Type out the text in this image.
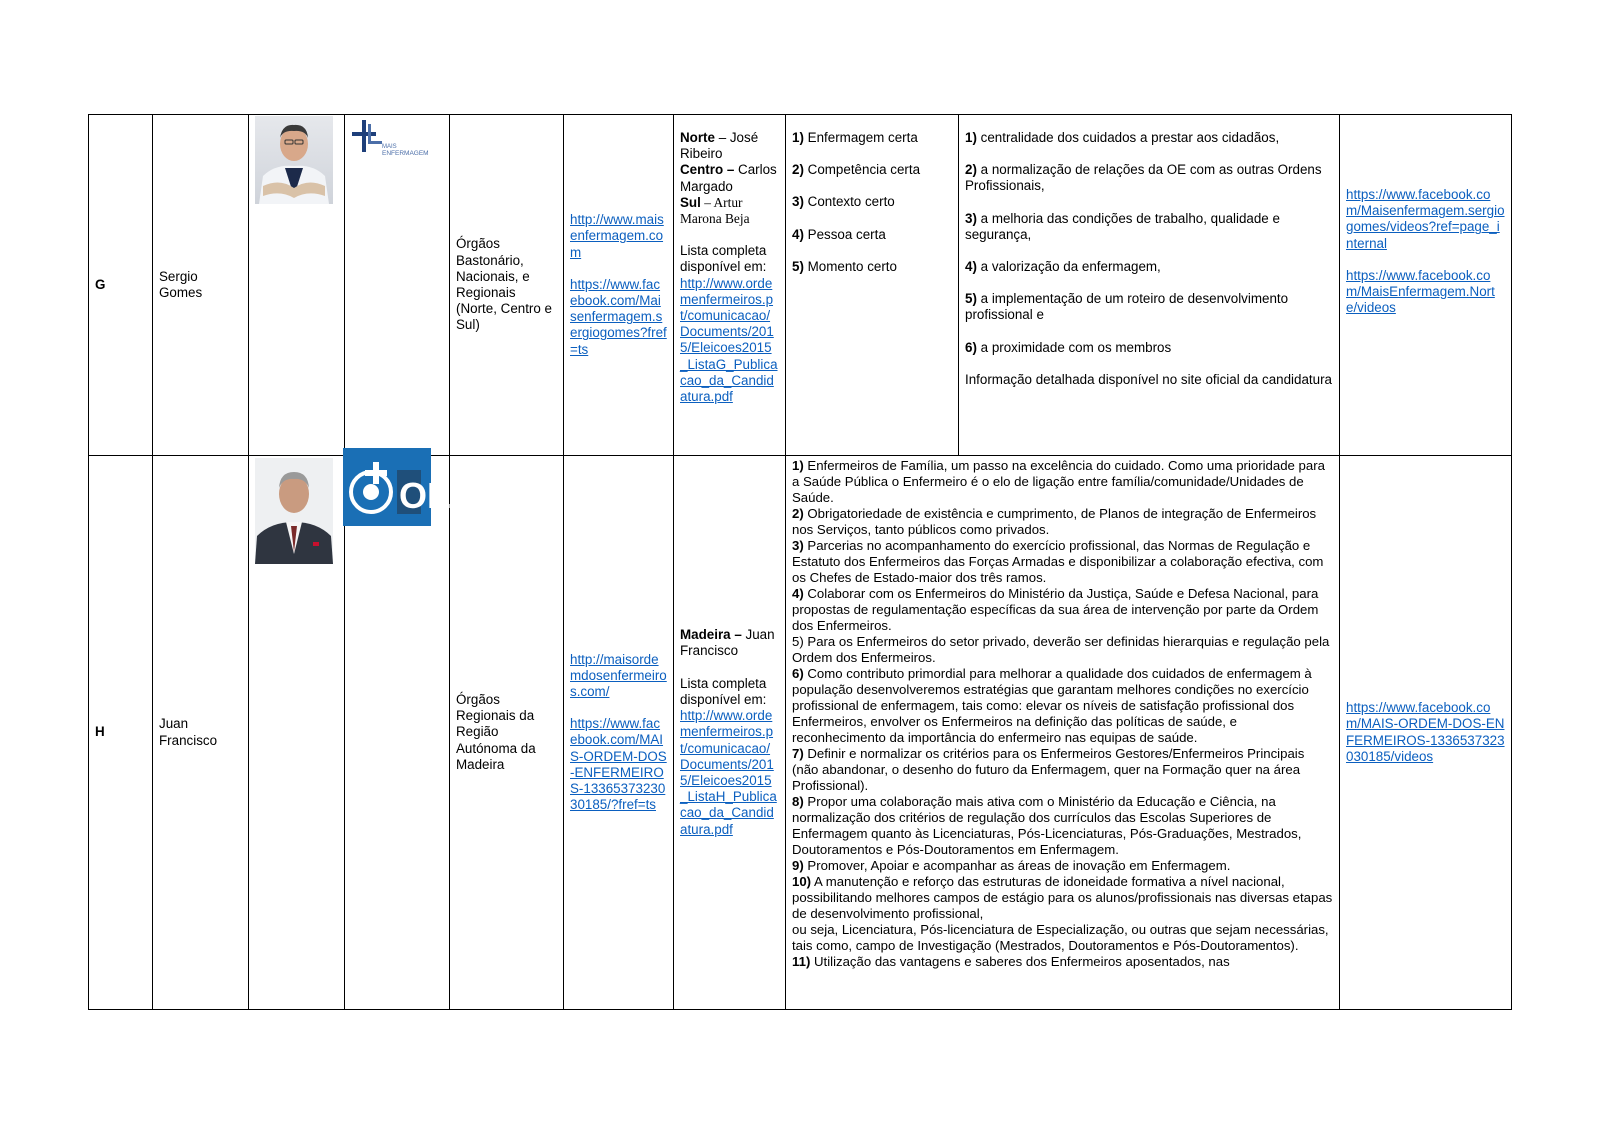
G
Sergio Gomes
MAIS
ENFERMAGEM
Órgãos Bastonário, Nacionais, e Regionais (Norte, Centro e Sul)
http://www.maisenfermagem.com
https://www.facebook.com/Maisenfermagem.sergiogomes?fref=ts
Norte – José Ribeiro
Centro – Carlos Margado
Sul – Artur Marona Beja
Lista completa disponível em:
http://www.ordemenfermeiros.pt/comunicacao/Documents/2015/Eleicoes2015_ListaG_Publicacao_da_Candidatura.pdf
1) Enfermagem certa
2) Competência certa
3) Contexto certo
4) Pessoa certa
5) Momento certo
1) centralidade dos cuidados a prestar aos cidadãos,
2) a normalização de relações da OE com as outras Ordens Profissionais,
3) a melhoria das condições de trabalho, qualidade e segurança,
4) a valorização da enfermagem,
5) a implementação de um roteiro de desenvolvimento profissional e
6) a proximidade com os membros
Informação detalhada disponível no site oficial da candidatura
https://www.facebook.com/Maisenfermagem.sergiogomes/videos?ref=page_internal
https://www.facebook.com/MaisEnfermagem.Norte/videos
H
Juan Francisco
OE
Órgãos Regionais da Região Autónoma da Madeira
http://maisordemdosenfermeiros.com/
https://www.facebook.com/MAIS-ORDEM-DOS-ENFERMEIROS-1336537323030185/?fref=ts
Madeira – Juan Francisco
Lista completa disponível em:
http://www.ordemenfermeiros.pt/comunicacao/Documents/2015/Eleicoes2015_ListaH_Publicacao_da_Candidatura.pdf
1) Enfermeiros de Família, um passo na excelência do cuidado. Como uma prioridade para a Saúde Pública o Enfermeiro é o elo de ligação entre família/comunidade/Unidades de Saúde.
2) Obrigatoriedade de existência e cumprimento, de Planos de integração de Enfermeiros nos Serviços, tanto públicos como privados.
3) Parcerias no acompanhamento do exercício profissional, das Normas de Regulação e Estatuto dos Enfermeiros das Forças Armadas e disponibilizar a colaboração efectiva, com os Chefes de Estado-maior dos três ramos.
4) Colaborar com os Enfermeiros do Ministério da Justiça, Saúde e Defesa Nacional, para propostas de regulamentação específicas da sua área de intervenção por parte da Ordem dos Enfermeiros.
5) Para os Enfermeiros do setor privado, deverão ser definidas hierarquias e regulação pela Ordem dos Enfermeiros.
6) Como contributo primordial para melhorar a qualidade dos cuidados de enfermagem à população desenvolveremos estratégias que garantam melhores condições no exercício profissional de enfermagem, tais como: elevar os níveis de satisfação profissional dos Enfermeiros, envolver os Enfermeiros na definição das políticas de saúde, e reconhecimento da importância do enfermeiro nas equipas de saúde.
7) Definir e normalizar os critérios para os Enfermeiros Gestores/Enfermeiros Principais (não abandonar, o desenho do futuro da Enfermagem, quer na Formação quer na área Profissional).
8) Propor uma colaboração mais ativa com o Ministério da Educação e Ciência, na normalização dos critérios de regulação dos currículos das Escolas Superiores de Enfermagem quanto às Licenciaturas, Pós-Licenciaturas, Pós-Graduações, Mestrados, Doutoramentos e Pós-Doutoramentos em Enfermagem.
9) Promover, Apoiar e acompanhar as áreas de inovação em Enfermagem.
10) A manutenção e reforço das estruturas de idoneidade formativa a nível nacional, possibilitando melhores campos de estágio para os alunos/profissionais nas diversas etapas de desenvolvimento profissional,
ou seja, Licenciatura, Pós-licenciatura de Especialização, ou outras que sejam necessárias, tais como, campo de Investigação (Mestrados, Doutoramentos e Pós-Doutoramentos).
11) Utilização das vantagens e saberes dos Enfermeiros aposentados, nas
https://www.facebook.com/MAIS-ORDEM-DOS-ENFERMEIROS-1336537323030185/videos
